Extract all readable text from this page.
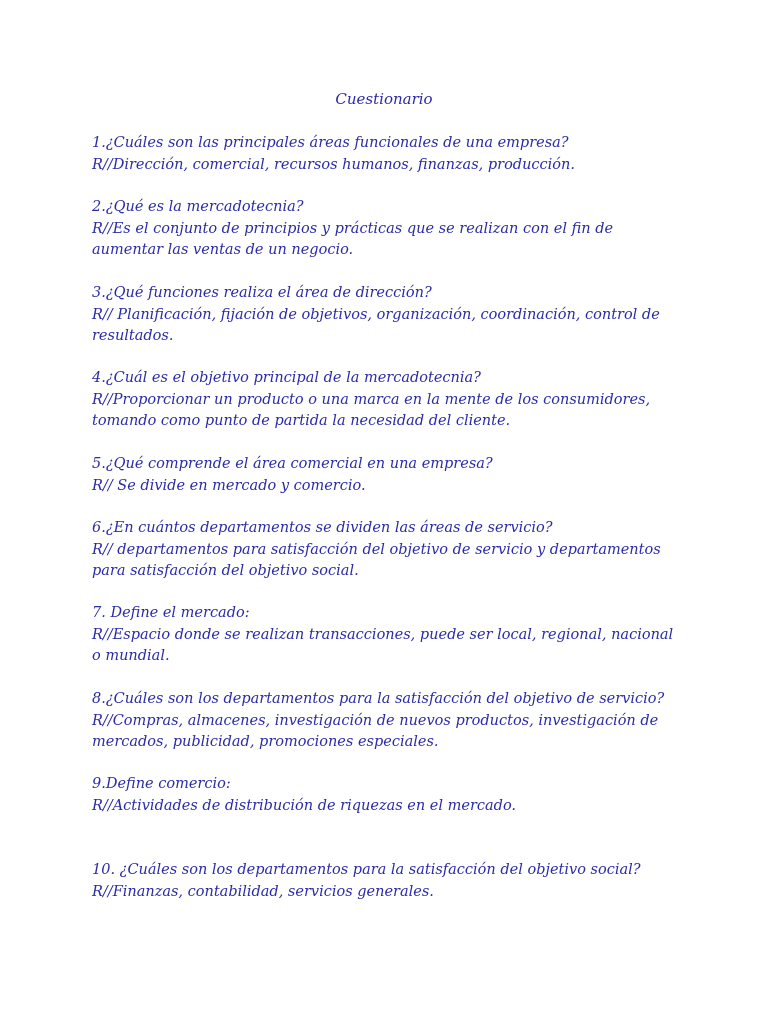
Cuestionario

1.¿Cuáles son las principales áreas funcionales de una empresa?

R//Dirección, comercial, recursos humanos, finanzas, producción.

2.¿Qué es la mercadotecnia?

R//Es el conjunto de principios y prácticas que se realizan con el fin de
aumentar las ventas de un negocio.

3.¿Qué funciones realiza el área de dirección?

R// Planificación, fijación de objetivos, organización, coordinación, control de
resultados.

4.¿Cuál es el objetivo principal de la mercadotecnia?

R//Proporcionar un producto o una marca en la mente de los consumidores,
tomando como punto de partida la necesidad del cliente.

5.¿Qué comprende el área comercial en una empresa?

R// Se divide en mercado y comercio.

6.¿En cuántos departamentos se dividen las áreas de servicio?

R// departamentos para satisfacción del objetivo de servicio y departamentos
para satisfacción del objetivo social.

7. Define el mercado:

R//Espacio donde se realizan transacciones, puede ser local, regional, nacional
o mundial.

8.¿Cuáles son los departamentos para la satisfacción del objetivo de servicio?

R//Compras, almacenes, investigación de nuevos productos, investigación de
mercados, publicidad, promociones especiales.

9.Define comercio:

R//Actividades de distribución de riquezas en el mercado.

10. ¿Cuáles son los departamentos para la satisfacción del objetivo social?

R//Finanzas, contabilidad, servicios generales.
